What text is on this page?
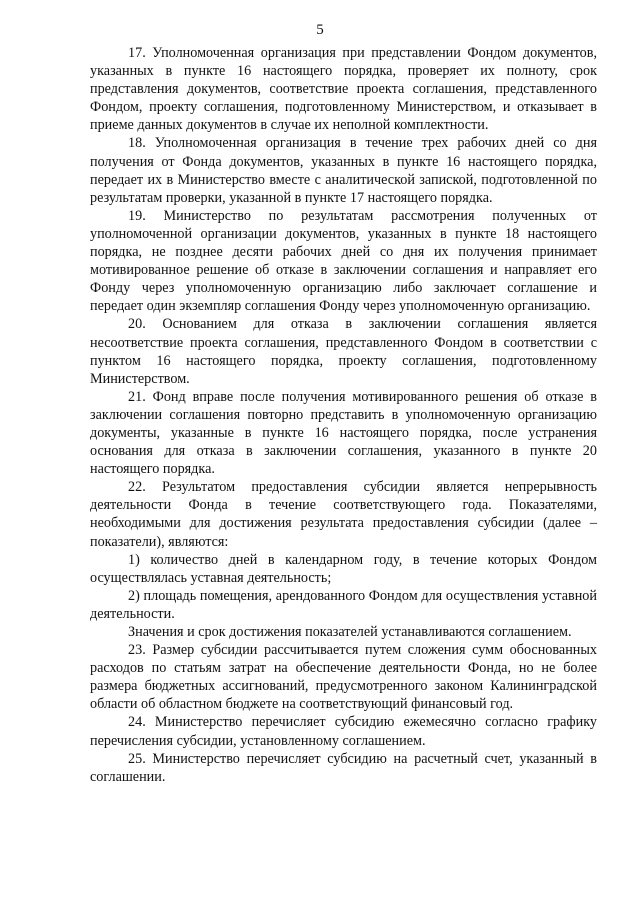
5

17. Уполномоченная организация при представлении Фондом документов, указанных в пункте 16 настоящего порядка, проверяет их полноту, срок представления документов, соответствие проекта соглашения, представленного Фондом, проекту соглашения, подготовленному Министерством, и отказывает в приеме данных документов в случае их неполной комплектности.

18. Уполномоченная организация в течение трех рабочих дней со дня получения от Фонда документов, указанных в пункте 16 настоящего порядка, передает их в Министерство вместе с аналитической запиской, подготовленной по результатам проверки, указанной в пункте 17 настоящего порядка.

19. Министерство по результатам рассмотрения полученных от уполномоченной организации документов, указанных в пункте 18 настоящего порядка, не позднее десяти рабочих дней со дня их получения принимает мотивированное решение об отказе в заключении соглашения и направляет его Фонду через уполномоченную организацию либо заключает соглашение и передает один экземпляр соглашения Фонду через уполномоченную организацию.

20. Основанием для отказа в заключении соглашения является несоответствие проекта соглашения, представленного Фондом в соответствии с пунктом 16 настоящего порядка, проекту соглашения, подготовленному Министерством.

21. Фонд вправе после получения мотивированного решения об отказе в заключении соглашения повторно представить в уполномоченную организацию документы, указанные в пункте 16 настоящего порядка, после устранения основания для отказа в заключении соглашения, указанного в пункте 20 настоящего порядка.

22. Результатом предоставления субсидии является непрерывность деятельности Фонда в течение соответствующего года. Показателями, необходимыми для достижения результата предоставления субсидии (далее – показатели), являются:

1) количество дней в календарном году, в течение которых Фондом осуществлялась уставная деятельность;

2) площадь помещения, арендованного Фондом для осуществления уставной деятельности.

Значения и срок достижения показателей устанавливаются соглашением.

23. Размер субсидии рассчитывается путем сложения сумм обоснованных расходов по статьям затрат на обеспечение деятельности Фонда, но не более размера бюджетных ассигнований, предусмотренного законом Калининградской области об областном бюджете на соответствующий финансовый год.

24. Министерство перечисляет субсидию ежемесячно согласно графику перечисления субсидии, установленному соглашением.

25. Министерство перечисляет субсидию на расчетный счет, указанный в соглашении.
